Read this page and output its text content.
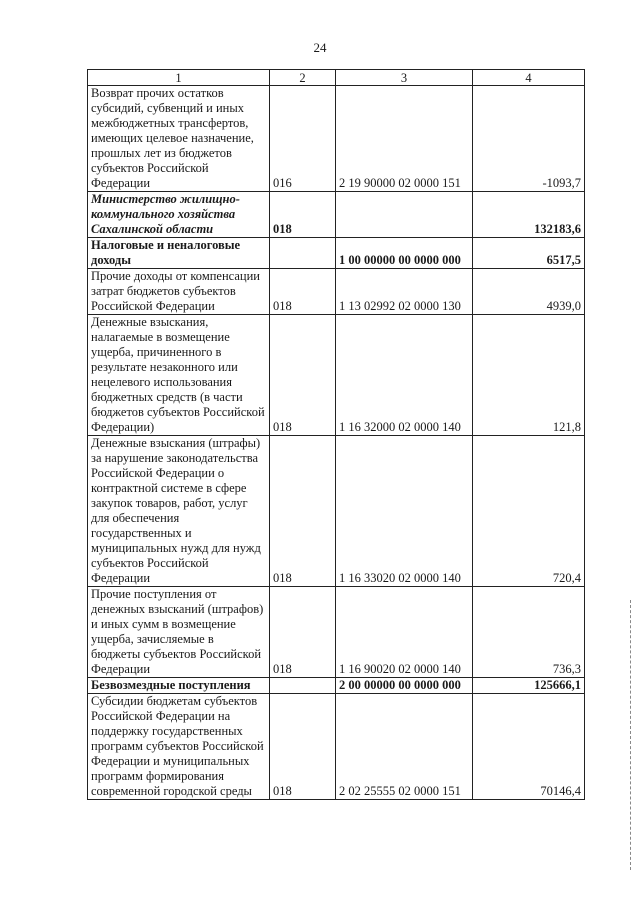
24
1	2	3	4
Возврат прочих остатков субсидий, субвенций и иных межбюджетных трансфертов, имеющих целевое назначение, прошлых лет из бюджетов субъектов Российской Федерации	016	2 19 90000 02 0000 151	-1093,7
Министерство жилищно-коммунального хозяйства Сахалинской области	018		132183,6
Налоговые и неналоговые доходы		1 00 00000 00 0000 000	6517,5
Прочие доходы от компенсации затрат бюджетов субъектов Российской Федерации	018	1 13 02992 02 0000 130	4939,0
Денежные взыскания, налагаемые в возмещение ущерба, причиненного в результате незаконного или нецелевого использования бюджетных средств (в части бюджетов субъектов Российской Федерации)	018	1 16 32000 02 0000 140	121,8
Денежные взыскания (штрафы) за нарушение законодательства Российской Федерации о контрактной системе в сфере закупок товаров, работ, услуг для обеспечения государственных и муниципальных нужд для нужд субъектов Российской Федерации	018	1 16 33020 02 0000 140	720,4
Прочие поступления от денежных взысканий (штрафов) и иных сумм в возмещение ущерба, зачисляемые в бюджеты субъектов Российской Федерации	018	1 16 90020 02 0000 140	736,3
Безвозмездные поступления		2 00 00000 00 0000 000	125666,1
Субсидии бюджетам субъектов Российской Федерации на поддержку государственных программ субъектов Российской Федерации и муниципальных программ формирования современной городской среды	018	2 02 25555 02 0000 151	70146,4
